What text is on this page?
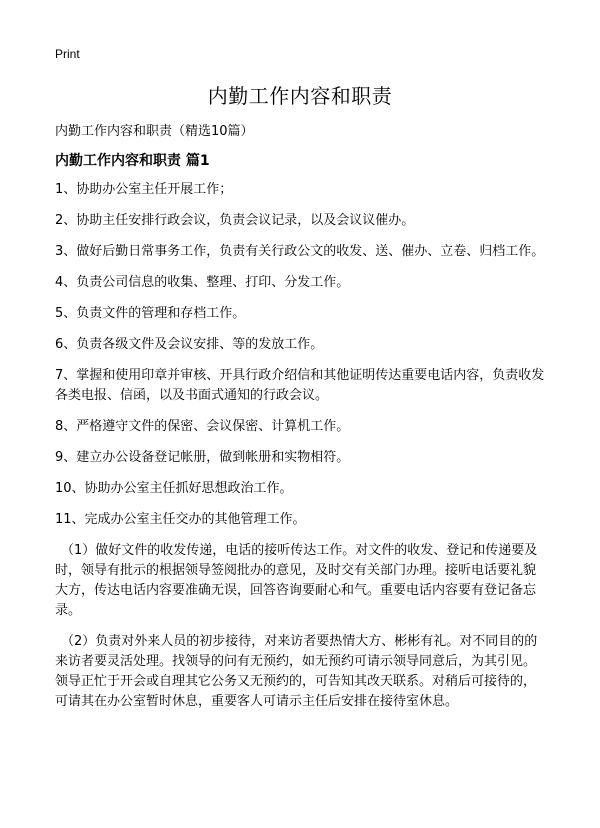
Print
内勤工作内容和职责
内勤工作内容和职责（精选10篇）
内勤工作内容和职责 篇1

1、协助办公室主任开展工作；

2、协助主任安排行政会议，负责会议记录，以及会议议催办。

3、做好后勤日常事务工作，负责有关行政公文的收发、送、催办、立卷、归档工作。

4、负责公司信息的收集、整理、打印、分发工作。

5、负责文件的管理和存档工作。

6、负责各级文件及会议安排、等的发放工作。

7、掌握和使用印章并审核、开具行政介绍信和其他证明传达重要电话内容，负责收发各类电报、信函，以及书面式通知的行政会议。

8、严格遵守文件的保密、会议保密、计算机工作。

9、建立办公设备登记帐册，做到帐册和实物相符。

10、协助办公室主任抓好思想政治工作。

11、完成办公室主任交办的其他管理工作。

（1）做好文件的收发传递，电话的接听传达工作。对文件的收发、登记和传递要及时，领导有批示的根据领导签阅批办的意见，及时交有关部门办理。接听电话要礼貌大方，传达电话内容要准确无误，回答咨询要耐心和气。重要电话内容要有登记备忘录。

（2）负责对外来人员的初步接待，对来访者要热情大方、彬彬有礼。对不同目的的来访者要灵活处理。找领导的问有无预约，如无预约可请示领导同意后，为其引见。领导正忙于开会或自理其它公务又无预约的，可告知其改天联系。对稍后可接待的，可请其在办公室暂时休息，重要客人可请示主任后安排在接待室休息。
